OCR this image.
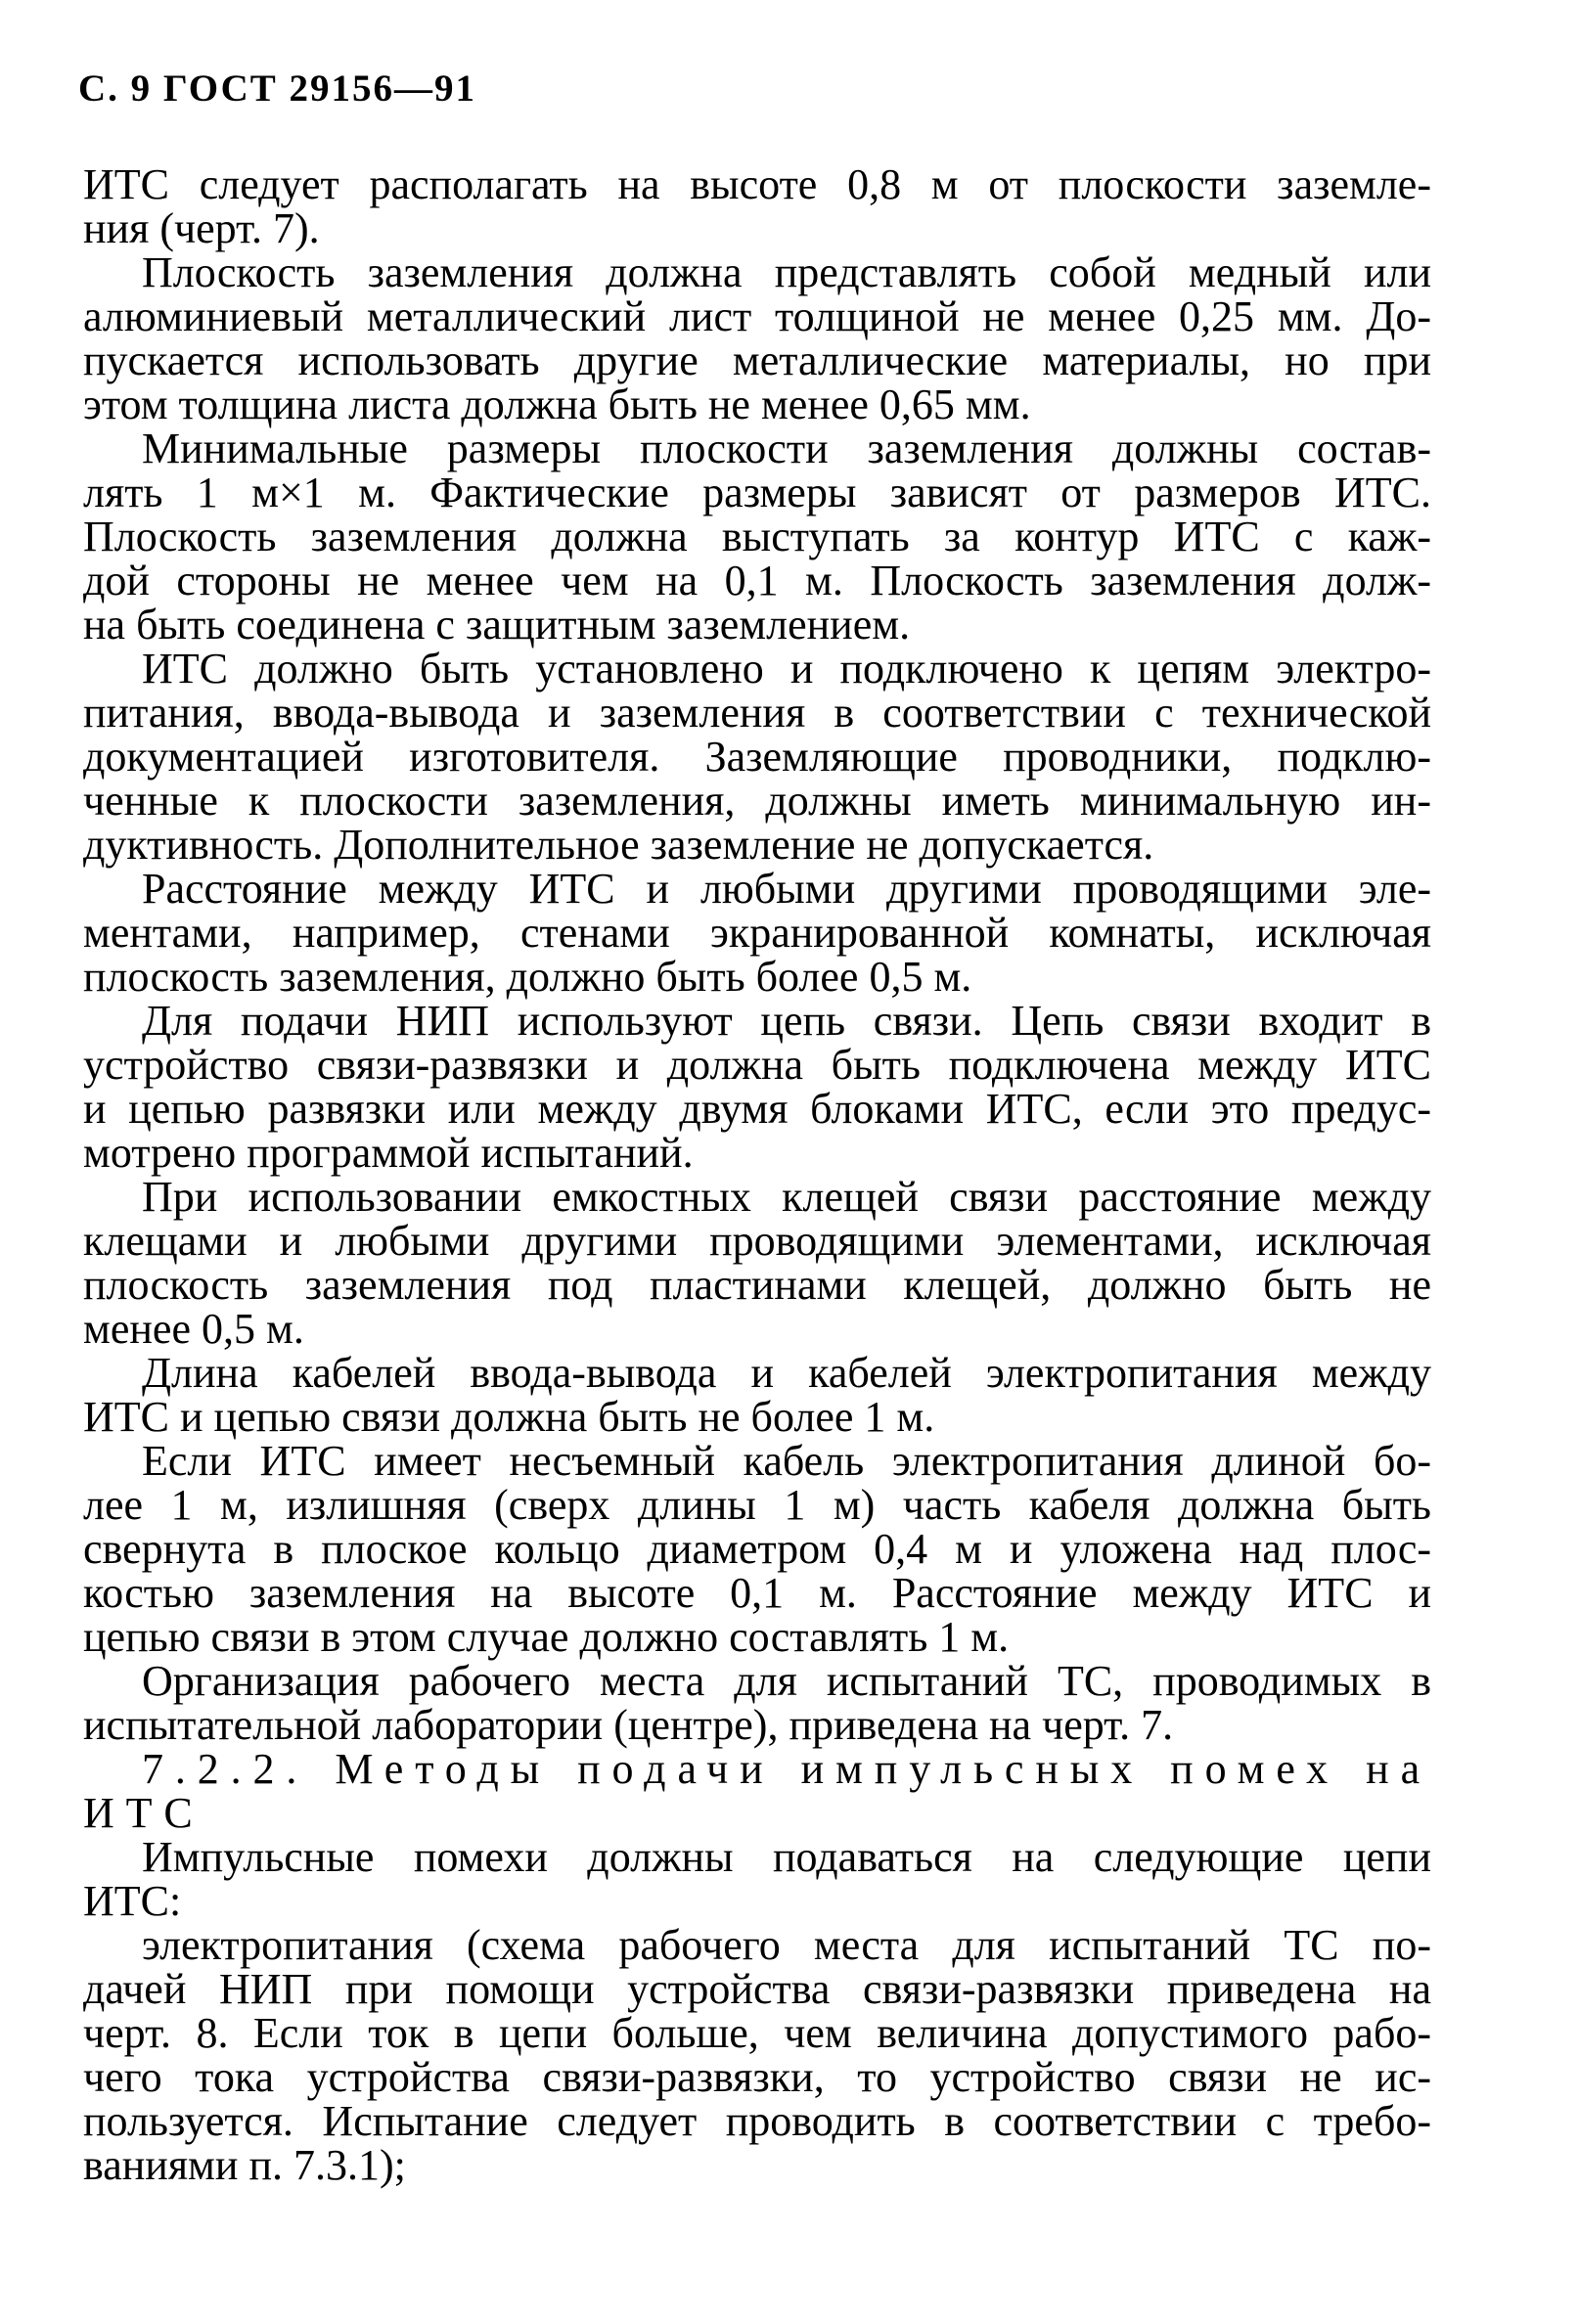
С. 9 ГОСТ 29156—91
ИТС следует располагать на высоте 0,8 м от плоскости заземле-
ния (черт. 7).
Плоскость заземления должна представлять собой медный или
алюминиевый металлический лист толщиной не менее 0,25 мм. До-
пускается использовать другие металлические материалы, но при
этом толщина листа должна быть не менее 0,65 мм.
Минимальные размеры плоскости заземления должны состав-
лять 1 м×1 м. Фактические размеры зависят от размеров ИТС.
Плоскость заземления должна выступать за контур ИТС с каж-
дой стороны не менее чем на 0,1 м. Плоскость заземления долж-
на быть соединена с защитным заземлением.
ИТС должно быть установлено и подключено к цепям электро-
питания, ввода-вывода и заземления в соответствии с технической
документацией изготовителя. Заземляющие проводники, подклю-
ченные к плоскости заземления, должны иметь минимальную ин-
дуктивность. Дополнительное заземление не допускается.
Расстояние между ИТС и любыми другими проводящими эле-
ментами, например, стенами экранированной комнаты, исключая
плоскость заземления, должно быть более 0,5 м.
Для подачи НИП используют цепь связи. Цепь связи входит в
устройство связи-развязки и должна быть подключена между ИТС
и цепью развязки или между двумя блоками ИТС, если это предус-
мотрено программой испытаний.
При использовании емкостных клещей связи расстояние между
клещами и любыми другими проводящими элементами, исключая
плоскость заземления под пластинами клещей, должно быть не
менее 0,5 м.
Длина кабелей ввода-вывода и кабелей электропитания между
ИТС и цепью связи должна быть не более 1 м.
Если ИТС имеет несъемный кабель электропитания длиной бо-
лее 1 м, излишняя (сверх длины 1 м) часть кабеля должна быть
свернута в плоское кольцо диаметром 0,4 м и уложена над плос-
костью заземления на высоте 0,1 м. Расстояние между ИТС и
цепью связи в этом случае должно составлять 1 м.
Организация рабочего места для испытаний ТС, проводимых в
испытательной лаборатории (центре), приведена на черт. 7.
7.2.2. Методы подачи импульсных помех на
ИТС
Импульсные помехи должны подаваться на следующие цепи
ИТС:
электропитания (схема рабочего места для испытаний ТС по-
дачей НИП при помощи устройства связи-развязки приведена на
черт. 8. Если ток в цепи больше, чем величина допустимого рабо-
чего тока устройства связи-развязки, то устройство связи не ис-
пользуется. Испытание следует проводить в соответствии с требо-
ваниями п. 7.3.1);
